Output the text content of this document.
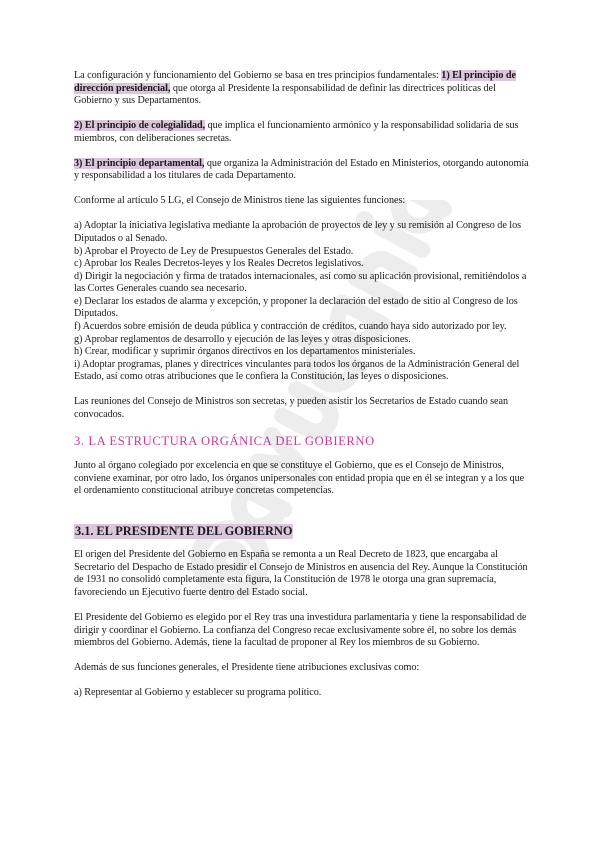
La configuración y funcionamiento del Gobierno se basa en tres principios fundamentales: 1) El principio de dirección presidencial, que otorga al Presidente la responsabilidad de definir las directrices políticas del Gobierno y sus Departamentos.

2) El principio de colegialidad, que implica el funcionamiento armónico y la responsabilidad solidaria de sus miembros, con deliberaciones secretas.

3) El principio departamental, que organiza la Administración del Estado en Ministerios, otorgando autonomía y responsabilidad a los titulares de cada Departamento.

Conforme al artículo 5 LG, el Consejo de Ministros tiene las siguientes funciones:

a) Adoptar la iniciativa legislativa mediante la aprobación de proyectos de ley y su remisión al Congreso de los Diputados o al Senado.
b) Aprobar el Proyecto de Ley de Presupuestos Generales del Estado.
c) Aprobar los Reales Decretos-leyes y los Reales Decretos legislativos.
d) Dirigir la negociación y firma de tratados internacionales, así como su aplicación provisional, remitiéndolos a las Cortes Generales cuando sea necesario.
e) Declarar los estados de alarma y excepción, y proponer la declaración del estado de sitio al Congreso de los Diputados.
f) Acuerdos sobre emisión de deuda pública y contracción de créditos, cuando haya sido autorizado por ley.
g) Aprobar reglamentos de desarrollo y ejecución de las leyes y otras disposiciones.
h) Crear, modificar y suprimir órganos directivos en los departamentos ministeriales.
i) Adoptar programas, planes y directrices vinculantes para todos los órganos de la Administración General del Estado, así como otras atribuciones que le confiera la Constitución, las leyes o disposiciones.

Las reuniones del Consejo de Ministros son secretas, y pueden asistir los Secretarios de Estado cuando sean convocados.

3. LA ESTRUCTURA ORGÁNICA DEL GOBIERNO

Junto al órgano colegiado por excelencia en que se constituye el Gobierno, que es el Consejo de Ministros, conviene examinar, por otro lado, los órganos unipersonales con entidad propia que en él se integran y a los que el ordenamiento constitucional atribuye concretas competencias.

3.1. EL PRESIDENTE DEL GOBIERNO

El origen del Presidente del Gobierno en España se remonta a un Real Decreto de 1823, que encargaba al Secretario del Despacho de Estado presidir el Consejo de Ministros en ausencia del Rey. Aunque la Constitución de 1931 no consolidó completamente esta figura, la Constitución de 1978 le otorga una gran supremacía, favoreciendo un Ejecutivo fuerte dentro del Estado social.

El Presidente del Gobierno es elegido por el Rey tras una investidura parlamentaria y tiene la responsabilidad de dirigir y coordinar el Gobierno. La confianza del Congreso recae exclusivamente sobre él, no sobre los demás miembros del Gobierno. Además, tiene la facultad de proponer al Rey los miembros de su Gobierno.

Además de sus funciones generales, el Presidente tiene atribuciones exclusivas como:

a) Representar al Gobierno y establecer su programa político.
